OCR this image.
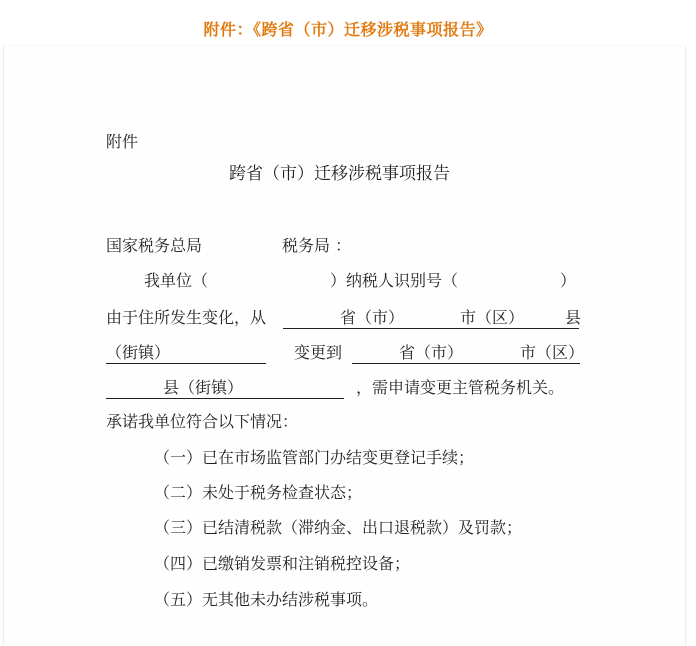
附件：《跨省（市）迁移涉税事项报告》
附件
跨省（市）迁移涉税事项报告
国家税务总局	税务局 ：
我单位（	）纳税人识别号（	）
由于住所发生变化，从	省（市）	市（区）	县
（街镇）	变更到	省（市）	市（区）
县（街镇）	，需申请变更主管税务机关。
承诺我单位符合以下情况：
（一）已在市场监管部门办结变更登记手续；
（二）未处于税务检查状态；
（三）已结清税款（滞纳金、出口退税款）及罚款；
（四）已缴销发票和注销税控设备；
（五）无其他未办结涉税事项。
